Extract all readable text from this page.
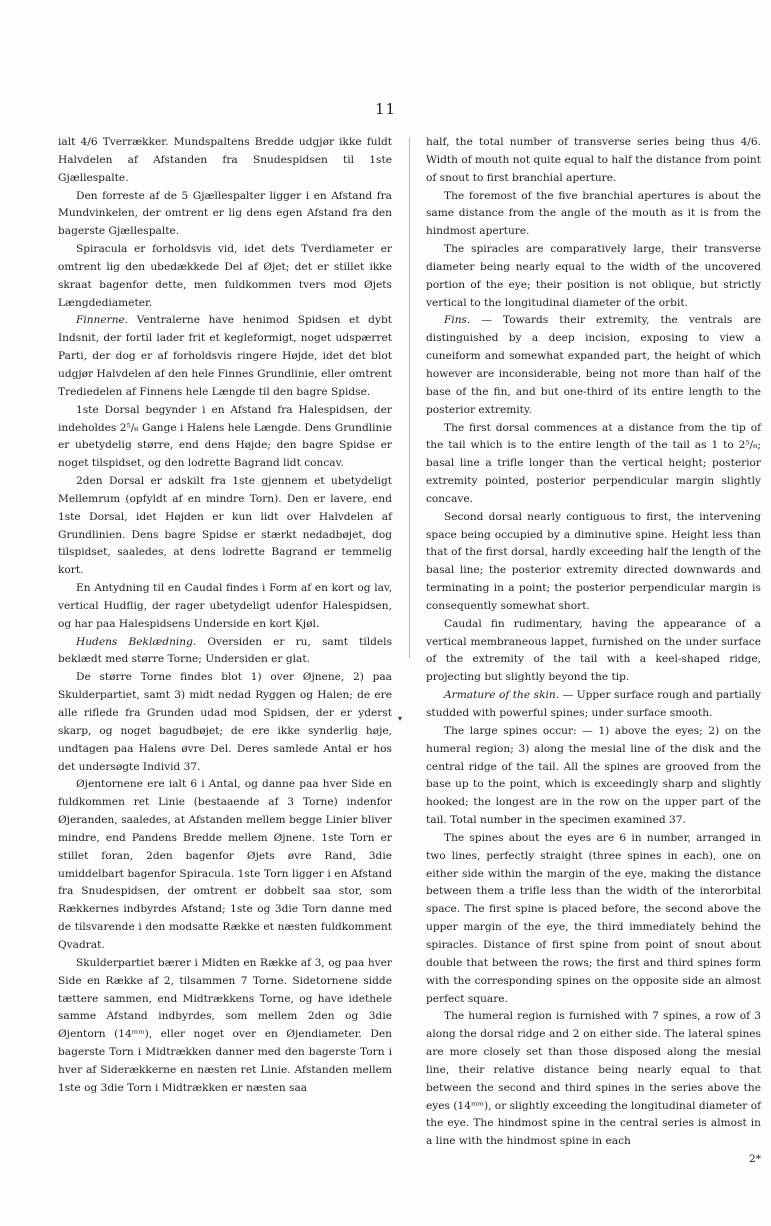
11

ialt 4/6 Tverrækker. Mundspaltens Bredde udgjør ikke fuldt Halvdelen af Afstanden fra Snudespidsen til 1ste Gjællespalte.

Den forreste af de 5 Gjællespalter ligger i en Afstand fra Mundvinkelen, der omtrent er lig dens egen Afstand fra den bagerste Gjællespalte.

Spiracula er forholdsvis vid, idet dets Tverdiameter er omtrent lig den ubedækkede Del af Øjet; det er stillet ikke skraat bagenfor dette, men fuldkommen tvers mod Øjets Længdediameter.

Finnerne. Ventralerne have henimod Spidsen et dybt Indsnit, der fortil lader frit et kegleformigt, noget udspærret Parti, der dog er af forholdsvis ringere Højde, idet det blot udgjør Halvdelen af den hele Finnes Grundlinie, eller omtrent Trediedelen af Finnens hele Længde til den bagre Spidse.

1ste Dorsal begynder i en Afstand fra Halespidsen, der indeholdes 2⁵/₆ Gange i Halens hele Længde. Dens Grundlinie er ubetydelig større, end dens Højde; den bagre Spidse er noget tilspidset, og den lodrette Bagrand lidt concav.

2den Dorsal er adskilt fra 1ste gjennem et ubetydeligt Mellemrum (opfyldt af en mindre Torn). Den er lavere, end 1ste Dorsal, idet Højden er kun lidt over Halvdelen af Grundlinien. Dens bagre Spidse er stærkt nedadbøjet, dog tilspidset, saaledes, at dens lodrette Bagrand er temmelig kort.

En Antydning til en Caudal findes i Form af en kort og lav, vertical Hudflig, der rager ubetydeligt udenfor Halespidsen, og har paa Halespidsens Underside en kort Kjøl.

Hudens Beklædning. Oversiden er ru, samt tildels beklædt med større Torne; Undersiden er glat.

De større Torne findes blot 1) over Øjnene, 2) paa Skulderpartiet, samt 3) midt nedad Ryggen og Halen; de ere alle riflede fra Grunden udad mod Spidsen, der er yderst skarp, og noget bagudbøjet; de ere ikke synderlig høje, undtagen paa Halens øvre Del. Deres samlede Antal er hos det undersøgte Individ 37.

Øjentornene ere ialt 6 i Antal, og danne paa hver Side en fuldkommen ret Linie (bestaaende af 3 Torne) indenfor Øjeranden, saaledes, at Afstanden mellem begge Linier bliver mindre, end Pandens Bredde mellem Øjnene. 1ste Torn er stillet foran, 2den bagenfor Øjets øvre Rand, 3die umiddelbart bagenfor Spiracula. 1ste Torn ligger i en Afstand fra Snudespidsen, der omtrent er dobbelt saa stor, som Rækkernes indbyrdes Afstand; 1ste og 3die Torn danne med de tilsvarende i den modsatte Række et næsten fuldkomment Qvadrat.

Skulderpartiet bærer i Midten en Række af 3, og paa hver Side en Række af 2, tilsammen 7 Torne. Sidetornene sidde tættere sammen, end Midtrækkens Torne, og have idethele samme Afstand indbyrdes, som mellem 2den og 3die Øjentorn (14ᵐᵐ), eller noget over en Øjendiameter. Den bagerste Torn i Midtrækken danner med den bagerste Torn i hver af Siderækkerne en næsten ret Linie. Afstanden mellem 1ste og 3die Torn i Midtrækken er næsten saa

half, the total number of transverse series being thus 4/6. Width of mouth not quite equal to half the distance from point of snout to first branchial aperture.

The foremost of the five branchial apertures is about the same distance from the angle of the mouth as it is from the hindmost aperture.

The spiracles are comparatively large, their transverse diameter being nearly equal to the width of the uncovered portion of the eye; their position is not oblique, but strictly vertical to the longitudinal diameter of the orbit.

Fins. — Towards their extremity, the ventrals are distinguished by a deep incision, exposing to view a cuneiform and somewhat expanded part, the height of which however are inconsiderable, being not more than half of the base of the fin, and but one-third of its entire length to the posterior extremity.

The first dorsal commences at a distance from the tip of the tail which is to the entire length of the tail as 1 to 2⁵/₆; basal line a trifle longer than the vertical height; posterior extremity pointed, posterior perpendicular margin slightly concave.

Second dorsal nearly contiguous to first, the intervening space being occupied by a diminutive spine. Height less than that of the first dorsal, hardly exceeding half the length of the basal line; the posterior extremity directed downwards and terminating in a point; the posterior perpendicular margin is consequently somewhat short.

Caudal fin rudimentary, having the appearance of a vertical membraneous lappet, furnished on the under surface of the extremity of the tail with a keel-shaped ridge, projecting but slightly beyond the tip.

Armature of the skin. — Upper surface rough and partially studded with powerful spines; under surface smooth.

The large spines occur: — 1) above the eyes; 2) on the humeral region; 3) along the mesial line of the disk and the central ridge of the tail. All the spines are grooved from the base up to the point, which is exceedingly sharp and slightly hooked; the longest are in the row on the upper part of the tail. Total number in the specimen examined 37.

The spines about the eyes are 6 in number, arranged in two lines, perfectly straight (three spines in each), one on either side within the margin of the eye, making the distance between them a trifle less than the width of the interorbital space. The first spine is placed before, the second above the upper margin of the eye, the third immediately behind the spiracles. Distance of first spine from point of snout about double that between the rows; the first and third spines form with the corresponding spines on the opposite side an almost perfect square.

The humeral region is furnished with 7 spines, a row of 3 along the dorsal ridge and 2 on either side. The lateral spines are more closely set than those disposed along the mesial line, their relative distance being nearly equal to that between the second and third spines in the series above the eyes (14ᵐᵐ), or slightly exceeding the longitudinal diameter of the eye. The hindmost spine in the central series is almost in a line with the hindmost spine in each

2*

▾
